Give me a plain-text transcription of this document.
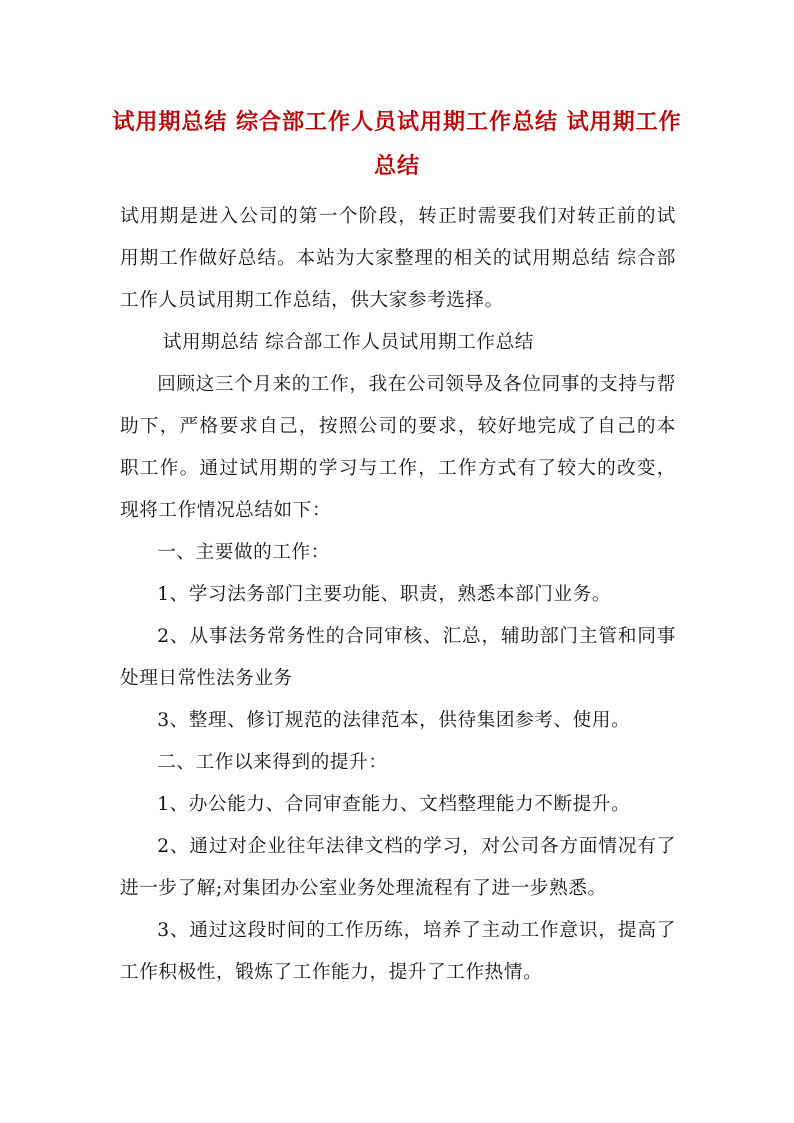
试用期总结 综合部工作人员试用期工作总结 试用期工作总结

试用期是进入公司的第一个阶段，转正时需要我们对转正前的试用期工作做好总结。本站为大家整理的相关的试用期总结 综合部工作人员试用期工作总结，供大家参考选择。

试用期总结 综合部工作人员试用期工作总结

回顾这三个月来的工作，我在公司领导及各位同事的支持与帮助下，严格要求自己，按照公司的要求，较好地完成了自己的本职工作。通过试用期的学习与工作，工作方式有了较大的改变，现将工作情况总结如下：

一、主要做的工作：

1、学习法务部门主要功能、职责，熟悉本部门业务。

2、从事法务常务性的合同审核、汇总，辅助部门主管和同事处理日常性法务业务

3、整理、修订规范的法律范本，供待集团参考、使用。

二、工作以来得到的提升：

1、办公能力、合同审查能力、文档整理能力不断提升。

2、通过对企业往年法律文档的学习，对公司各方面情况有了进一步了解;对集团办公室业务处理流程有了进一步熟悉。

3、通过这段时间的工作历练，培养了主动工作意识，提高了工作积极性，锻炼了工作能力，提升了工作热情。
